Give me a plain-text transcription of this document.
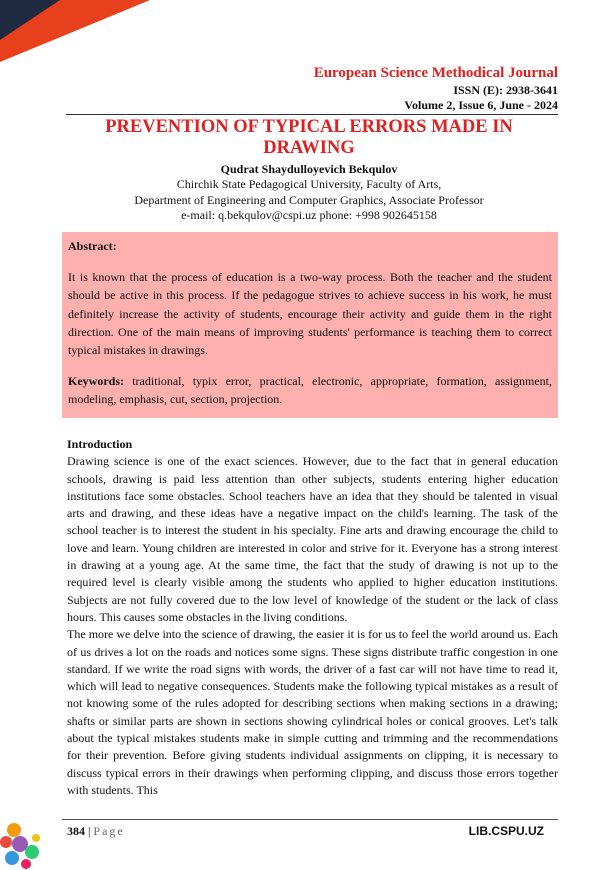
European Science Methodical Journal
ISSN (E): 2938-3641
Volume 2, Issue 6, June - 2024
PREVENTION OF TYPICAL ERRORS MADE IN DRAWING
Qudrat Shaydulloyevich Bekqulov
Chirchik State Pedagogical University, Faculty of Arts,
Department of Engineering and Computer Graphics, Associate Professor
e-mail: q.bekqulov@cspi.uz phone: +998 902645158

Abstract:

It is known that the process of education is a two-way process. Both the teacher and the student should be active in this process. If the pedagogue strives to achieve success in his work, he must definitely increase the activity of students, encourage their activity and guide them in the right direction. One of the main means of improving students' performance is teaching them to correct typical mistakes in drawings.

Keywords: traditional, typix error, practical, electronic, appropriate, formation, assignment, modeling, emphasis, cut, section, projection.

Introduction

Drawing science is one of the exact sciences. However, due to the fact that in general education schools, drawing is paid less attention than other subjects, students entering higher education institutions face some obstacles. School teachers have an idea that they should be talented in visual arts and drawing, and these ideas have a negative impact on the child's learning. The task of the school teacher is to interest the student in his specialty. Fine arts and drawing encourage the child to love and learn. Young children are interested in color and strive for it. Everyone has a strong interest in drawing at a young age. At the same time, the fact that the study of drawing is not up to the required level is clearly visible among the students who applied to higher education institutions. Subjects are not fully covered due to the low level of knowledge of the student or the lack of class hours. This causes some obstacles in the living conditions.

The more we delve into the science of drawing, the easier it is for us to feel the world around us. Each of us drives a lot on the roads and notices some signs. These signs distribute traffic congestion in one standard. If we write the road signs with words, the driver of a fast car will not have time to read it, which will lead to negative consequences. Students make the following typical mistakes as a result of not knowing some of the rules adopted for describing sections when making sections in a drawing; shafts or similar parts are shown in sections showing cylindrical holes or conical grooves. Let's talk about the typical mistakes students make in simple cutting and trimming and the recommendations for their prevention. Before giving students individual assignments on clipping, it is necessary to discuss typical errors in their drawings when performing clipping, and discuss those errors together with students. This

384 | Page	LIB.CSPU.UZ
